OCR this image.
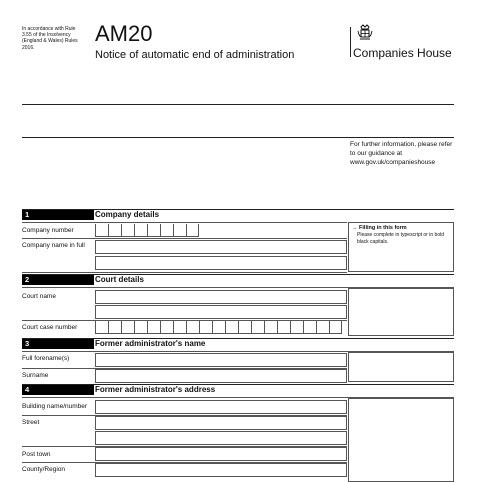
In accordance with Rule 3.55 of the Insolvency (England & Wales) Rules 2016.
AM20
Notice of automatic end of administration	Companies House
For further information, please refer to our guidance at www.gov.uk/companieshouse
1	Company details
Company number
Company name in full
→ Filling in this form
Please complete in typescript or in bold black capitals.
2	Court details
Court name
Court case number
3	Former administrator's name
Full forename(s)
Surname
4	Former administrator's address
Building name/number
Street
Post town
County/Region
